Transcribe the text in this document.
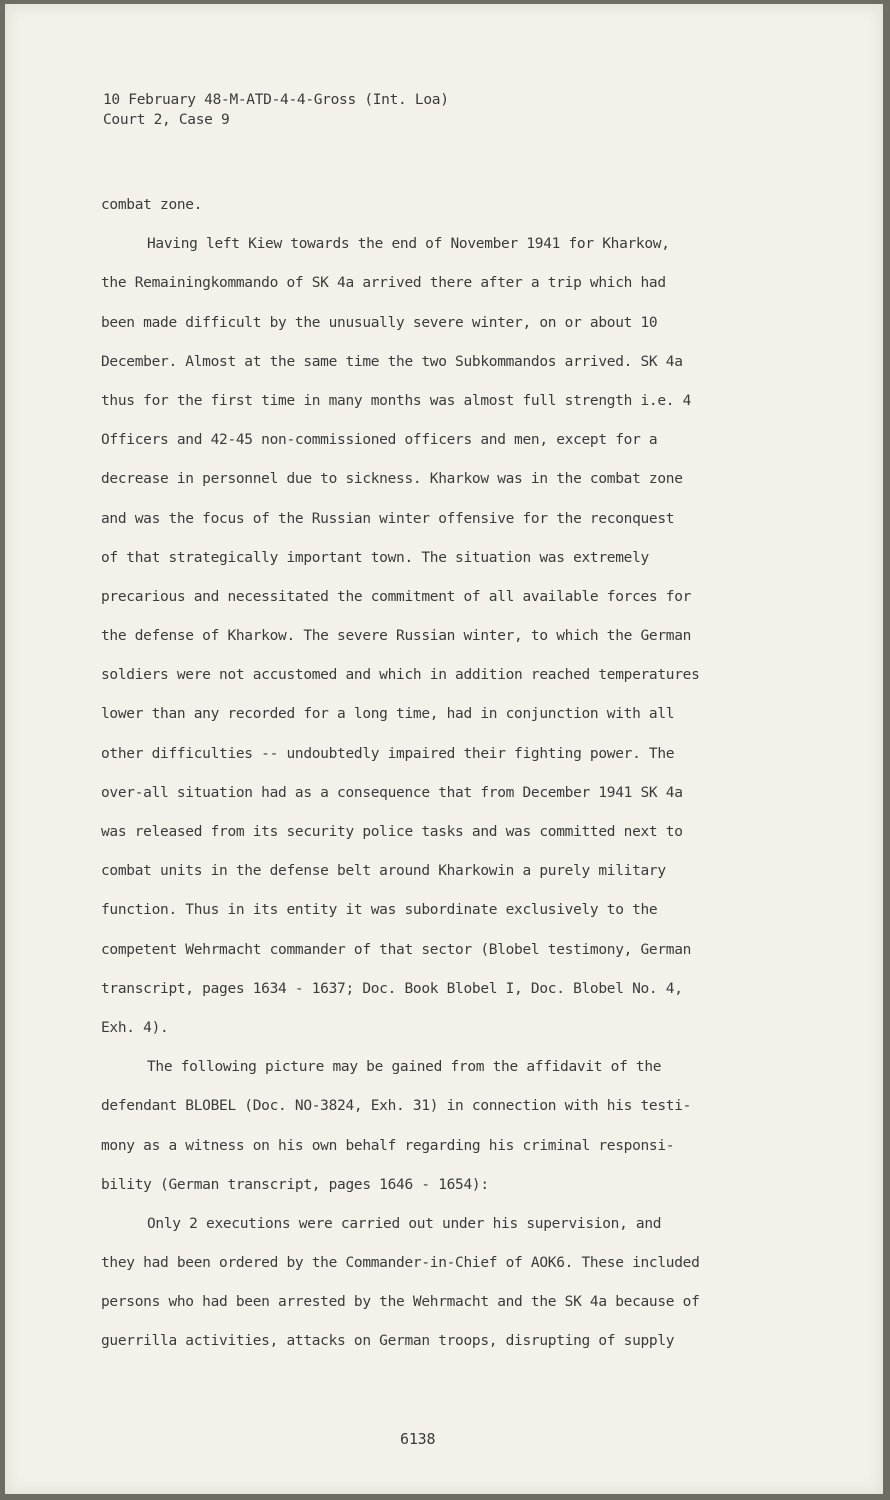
10 February 48-M-ATD-4-4-Gross (Int. Loa)
Court 2, Case 9
combat zone.
Having left Kiew towards the end of November 1941 for Kharkow,
the Remainingkommando of SK 4a arrived there after a trip which had
been made difficult by the unusually severe winter, on or about 10
December. Almost at the same time the two Subkommandos arrived. SK 4a
thus for the first time in many months was almost full strength i.e. 4
Officers and 42-45 non-commissioned officers and men, except for a
decrease in personnel due to sickness. Kharkow was in the combat zone
and was the focus of the Russian winter offensive for the reconquest
of that strategically important town. The situation was extremely
precarious and necessitated the commitment of all available forces for
the defense of Kharkow. The severe Russian winter, to which the German
soldiers were not accustomed and which in addition reached temperatures
lower than any recorded for a long time, had in conjunction with all
other difficulties -- undoubtedly impaired their fighting power. The
over-all situation had as a consequence that from December 1941 SK 4a
was released from its security police tasks and was committed next to
combat units in the defense belt around Kharkowin a purely military
function. Thus in its entity it was subordinate exclusively to the
competent Wehrmacht commander of that sector (Blobel testimony, German
transcript, pages 1634 - 1637; Doc. Book Blobel I, Doc. Blobel No. 4,
Exh. 4).
The following picture may be gained from the affidavit of the
defendant BLOBEL (Doc. NO-3824, Exh. 31) in connection with his testi-
mony as a witness on his own behalf regarding his criminal responsi-
bility (German transcript, pages 1646 - 1654):
Only 2 executions were carried out under his supervision, and
they had been ordered by the Commander-in-Chief of AOK6. These included
persons who had been arrested by the Wehrmacht and the SK 4a because of
guerrilla activities, attacks on German troops, disrupting of supply
6138
